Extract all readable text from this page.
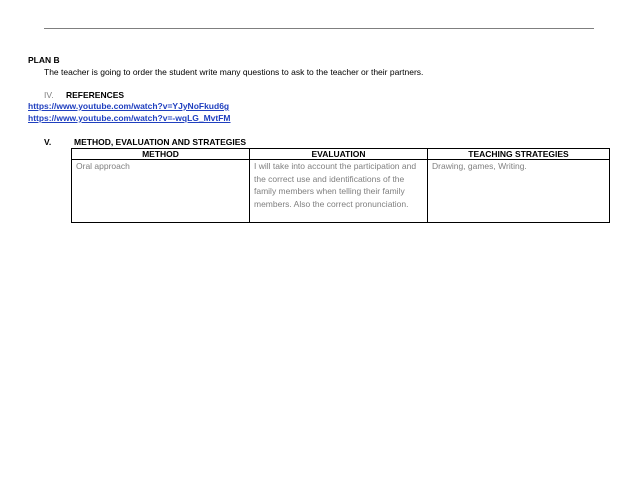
PLAN B
The teacher is going to order the student write many questions to ask to the teacher or their partners.
IV. REFERENCES
https://www.youtube.com/watch?v=YJyNoFkud6g
https://www.youtube.com/watch?v=-wqLG_MvtFM
V.	METHOD, EVALUATION AND STRATEGIES
METHOD	EVALUATION	TEACHING STRATEGIES
Oral approach	I will take into account the participation and the correct use and identifications of the family members when telling their family members. Also the correct pronunciation.	Drawing, games, Writing.
